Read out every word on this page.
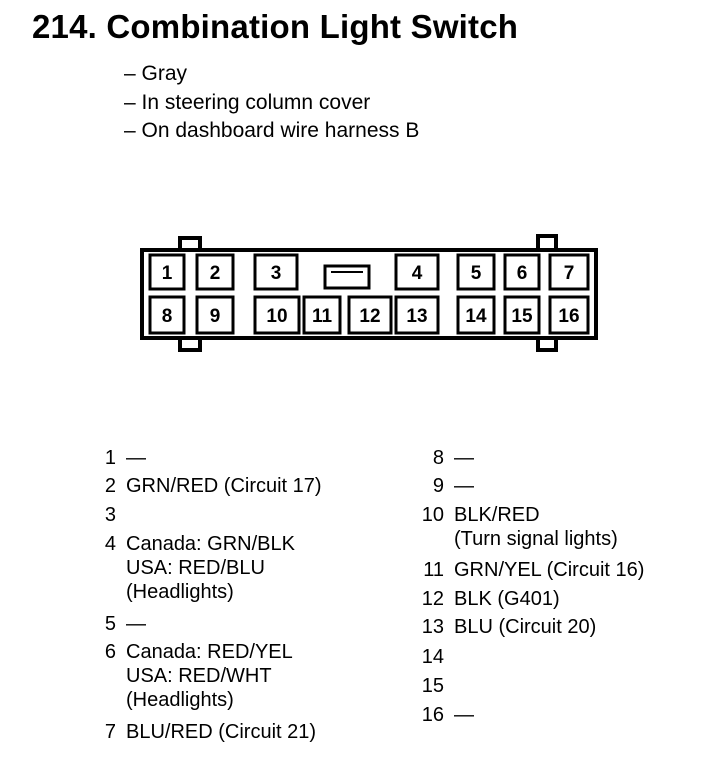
214. Combination Light Switch
– Gray
– In steering column cover
– On dashboard wire harness B
1 2	3	4	5 6 7
8 9 10 11 12 13 14 15 16
1 —
2 GRN/RED (Circuit 17)
3
4 Canada: GRN/BLK
USA: RED/BLU
(Headlights)
5 —
6 Canada: RED/YEL
USA: RED/WHT
(Headlights)
7 BLU/RED (Circuit 21)
8 —
9 —
10 BLK/RED
(Turn signal lights)
11 GRN/YEL (Circuit 16)
12 BLK (G401)
13 BLU (Circuit 20)
14
15
16 —
